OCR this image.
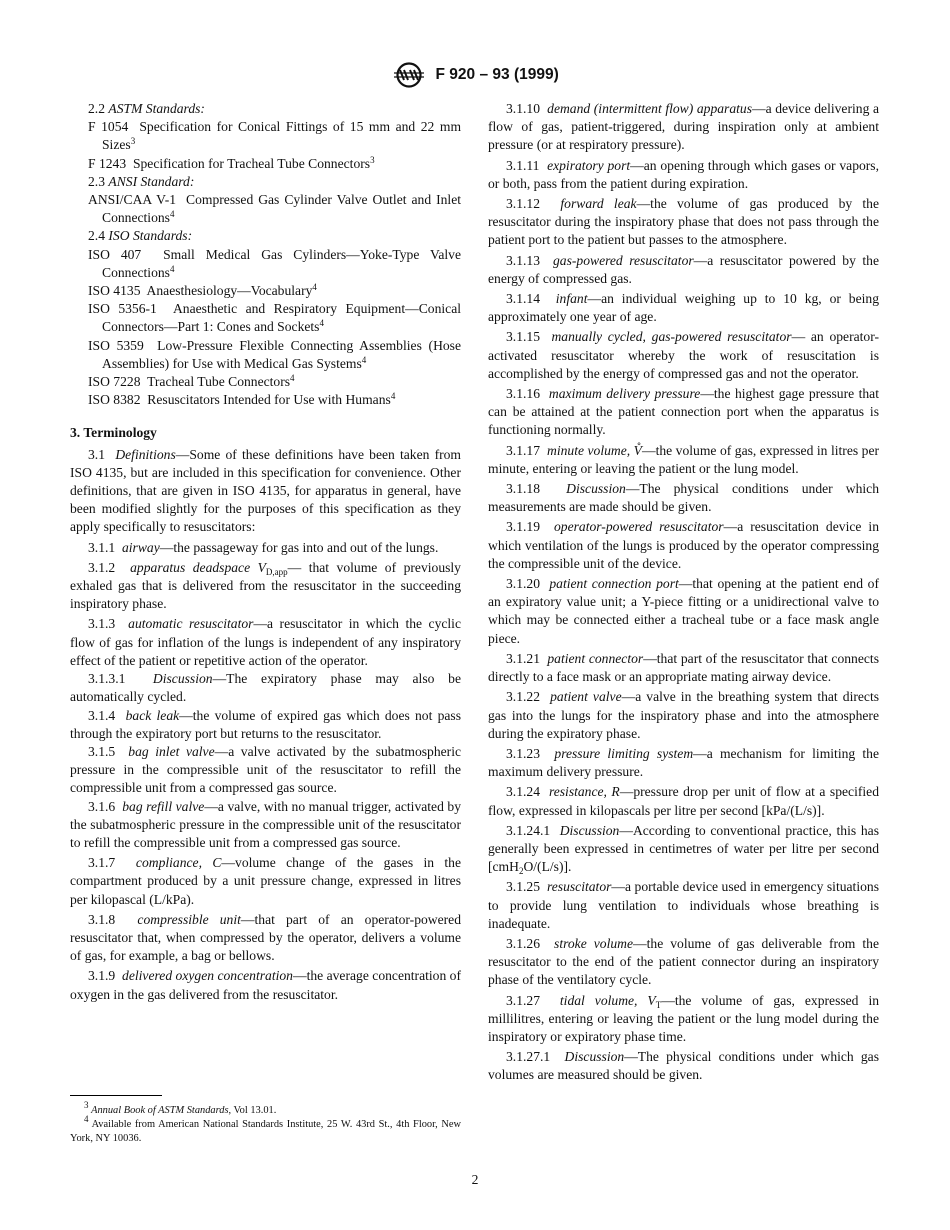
F 920 – 93 (1999)

2.2 ASTM Standards:

F 1054 Specification for Conical Fittings of 15 mm and 22 mm Sizes$^3$

F 1243 Specification for Tracheal Tube Connectors$^3$

2.3 ANSI Standard:

ANSI/CAA V-1 Compressed Gas Cylinder Valve Outlet and Inlet Connections$^4$

2.4 ISO Standards:

ISO 407 Small Medical Gas Cylinders—Yoke-Type Valve Connections$^4$

ISO 4135 Anaesthesiology—Vocabulary$^4$

ISO 5356-1 Anaesthetic and Respiratory Equipment—Conical Connectors—Part 1: Cones and Sockets$^4$

ISO 5359 Low-Pressure Flexible Connecting Assemblies (Hose Assemblies) for Use with Medical Gas Systems$^4$

ISO 7228 Tracheal Tube Connectors$^4$

ISO 8382 Resuscitators Intended for Use with Humans$^4$

3. Terminology

3.1 Definitions—Some of these definitions have been taken from ISO 4135, but are included in this specification for convenience. Other definitions, that are given in ISO 4135, for apparatus in general, have been modified slightly for the purposes of this specification as they apply specifically to resuscitators:

3.1.1 airway—the passageway for gas into and out of the lungs.

3.1.2 apparatus deadspace $V_{D,app}—$ that volume of previously exhaled gas that is delivered from the resuscitator in the succeeding inspiratory phase.

3.1.3 automatic resuscitator—a resuscitator in which the cyclic flow of gas for inflation of the lungs is independent of any inspiratory effect of the patient or repetitive action of the operator.

3.1.3.1 Discussion—The expiratory phase may also be automatically cycled.

3.1.4 back leak—the volume of expired gas which does not pass through the expiratory port but returns to the resuscitator.

3.1.5 bag inlet valve—a valve activated by the subatmospheric pressure in the compressible unit of the resuscitator to refill the compressible unit from a compressed gas source.

3.1.6 bag refill valve—a valve, with no manual trigger, activated by the subatmospheric pressure in the compressible unit of the resuscitator to refill the compressible unit from a compressed gas source.

3.1.7 compliance, C—volume change of the gases in the compartment produced by a unit pressure change, expressed in litres per kilopascal (L/kPa).

3.1.8 compressible unit—that part of an operator-powered resuscitator that, when compressed by the operator, delivers a volume of gas, for example, a bag or bellows.

3.1.9 delivered oxygen concentration—the average concentration of oxygen in the gas delivered from the resuscitator.

3.1.10 demand (intermittent flow) apparatus—a device delivering a flow of gas, patient-triggered, during inspiration only at ambient pressure (or at respiratory pressure).

3.1.11 expiratory port—an opening through which gases or vapors, or both, pass from the patient during expiration.

3.1.12 forward leak—the volume of gas produced by the resuscitator during the inspiratory phase that does not pass through the patient port to the patient but passes to the atmosphere.

3.1.13 gas-powered resuscitator—a resuscitator powered by the energy of compressed gas.

3.1.14 infant—an individual weighing up to 10 kg, or being approximately one year of age.

3.1.15 manually cycled, gas-powered resuscitator— an operator-activated resuscitator whereby the work of resuscitation is accomplished by the energy of compressed gas and not the operator.

3.1.16 maximum delivery pressure—the highest gage pressure that can be attained at the patient connection port when the apparatus is functioning normally.

3.1.17 minute volume, V̊—the volume of gas, expressed in litres per minute, entering or leaving the patient or the lung model.

3.1.18 Discussion—The physical conditions under which measurements are made should be given.

3.1.19 operator-powered resuscitator—a resuscitation device in which ventilation of the lungs is produced by the operator compressing the compressible unit of the device.

3.1.20 patient connection port—that opening at the patient end of an expiratory value unit; a Y-piece fitting or a unidirectional valve to which may be connected either a tracheal tube or a face mask angle piece.

3.1.21 patient connector—that part of the resuscitator that connects directly to a face mask or an appropriate mating airway device.

3.1.22 patient valve—a valve in the breathing system that directs gas into the lungs for the inspiratory phase and into the atmosphere during the expiratory phase.

3.1.23 pressure limiting system—a mechanism for limiting the maximum delivery pressure.

3.1.24 resistance, R—pressure drop per unit of flow at a specified flow, expressed in kilopascals per litre per second [kPa/(L/s)].

3.1.24.1 Discussion—According to conventional practice, this has generally been expressed in centimetres of water per litre per second [cmH$_2$O/(L/s)].

3.1.25 resuscitator—a portable device used in emergency situations to provide lung ventilation to individuals whose breathing is inadequate.

3.1.26 stroke volume—the volume of gas deliverable from the resuscitator to the end of the patient connector during an inspiratory phase of the ventilatory cycle.

3.1.27 tidal volume, $V_T—the$ volume of gas, expressed in millilitres, entering or leaving the patient or the lung model during the inspiratory or expiratory phase time.

3.1.27.1 Discussion—The physical conditions under which gas volumes are measured should be given.

$^3$ Annual Book of ASTM Standards, Vol 13.01.

$^4$ Available from American National Standards Institute, 25 W. 43rd St., 4th Floor, New York, NY 10036.

2
